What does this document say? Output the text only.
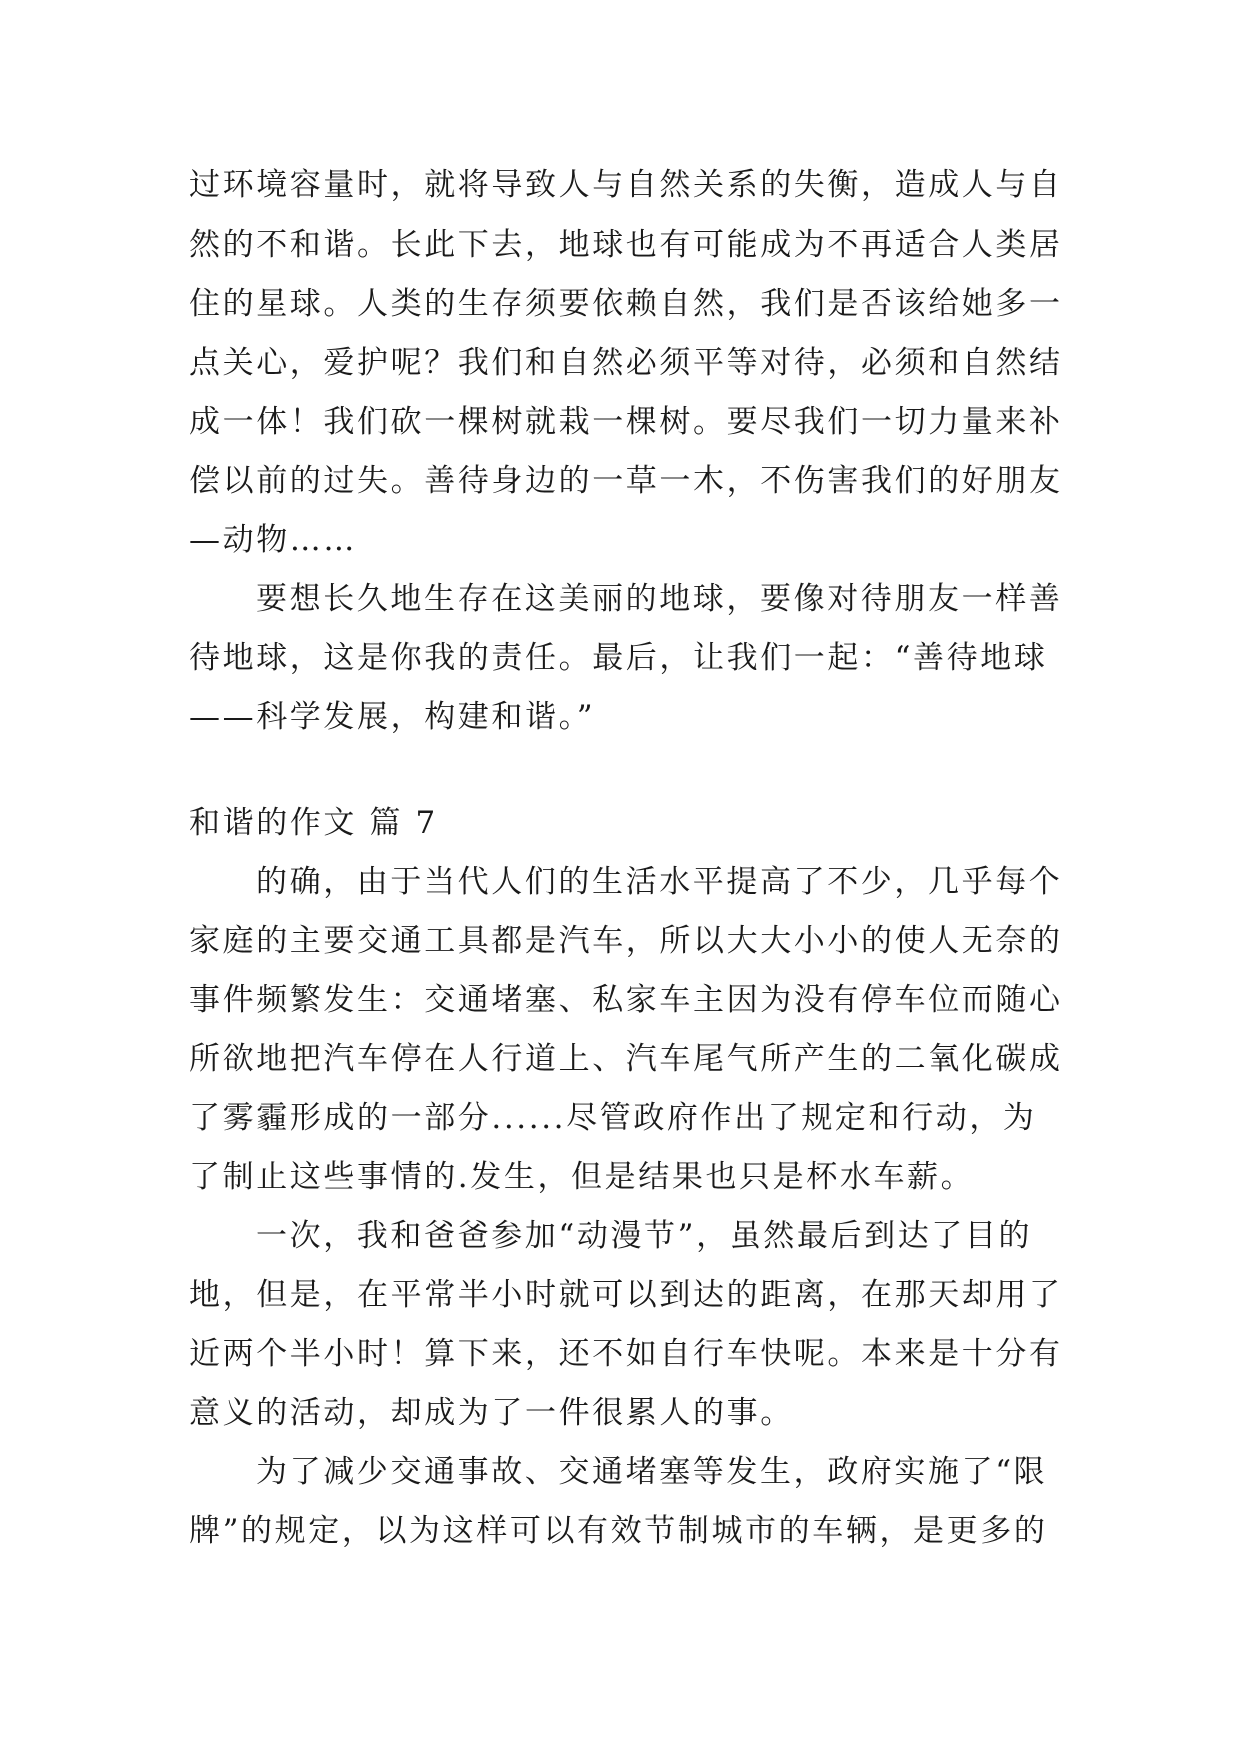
过环境容量时，就将导致人与自然关系的失衡，造成人与自
然的不和谐。长此下去，地球也有可能成为不再适合人类居
住的星球。人类的生存须要依赖自然，我们是否该给她多一
点关心，爱护呢？我们和自然必须平等对待，必须和自然结
成一体！我们砍一棵树就栽一棵树。要尽我们一切力量来补
偿以前的过失。善待身边的一草一木，不伤害我们的好朋友
—动物……
要想长久地生存在这美丽的地球，要像对待朋友一样善
待地球，这是你我的责任。最后，让我们一起：“善待地球
——科学发展，构建和谐。”
和谐的作文 篇 7
的确，由于当代人们的生活水平提高了不少，几乎每个
家庭的主要交通工具都是汽车，所以大大小小的使人无奈的
事件频繁发生：交通堵塞、私家车主因为没有停车位而随心
所欲地把汽车停在人行道上、汽车尾气所产生的二氧化碳成
了雾霾形成的一部分......尽管政府作出了规定和行动，为
了制止这些事情的.发生，但是结果也只是杯水车薪。
一次，我和爸爸参加“动漫节”，虽然最后到达了目的
地，但是，在平常半小时就可以到达的距离，在那天却用了
近两个半小时！算下来，还不如自行车快呢。本来是十分有
意义的活动，却成为了一件很累人的事。
为了减少交通事故、交通堵塞等发生，政府实施了“限
牌”的规定，以为这样可以有效节制城市的车辆，是更多的
